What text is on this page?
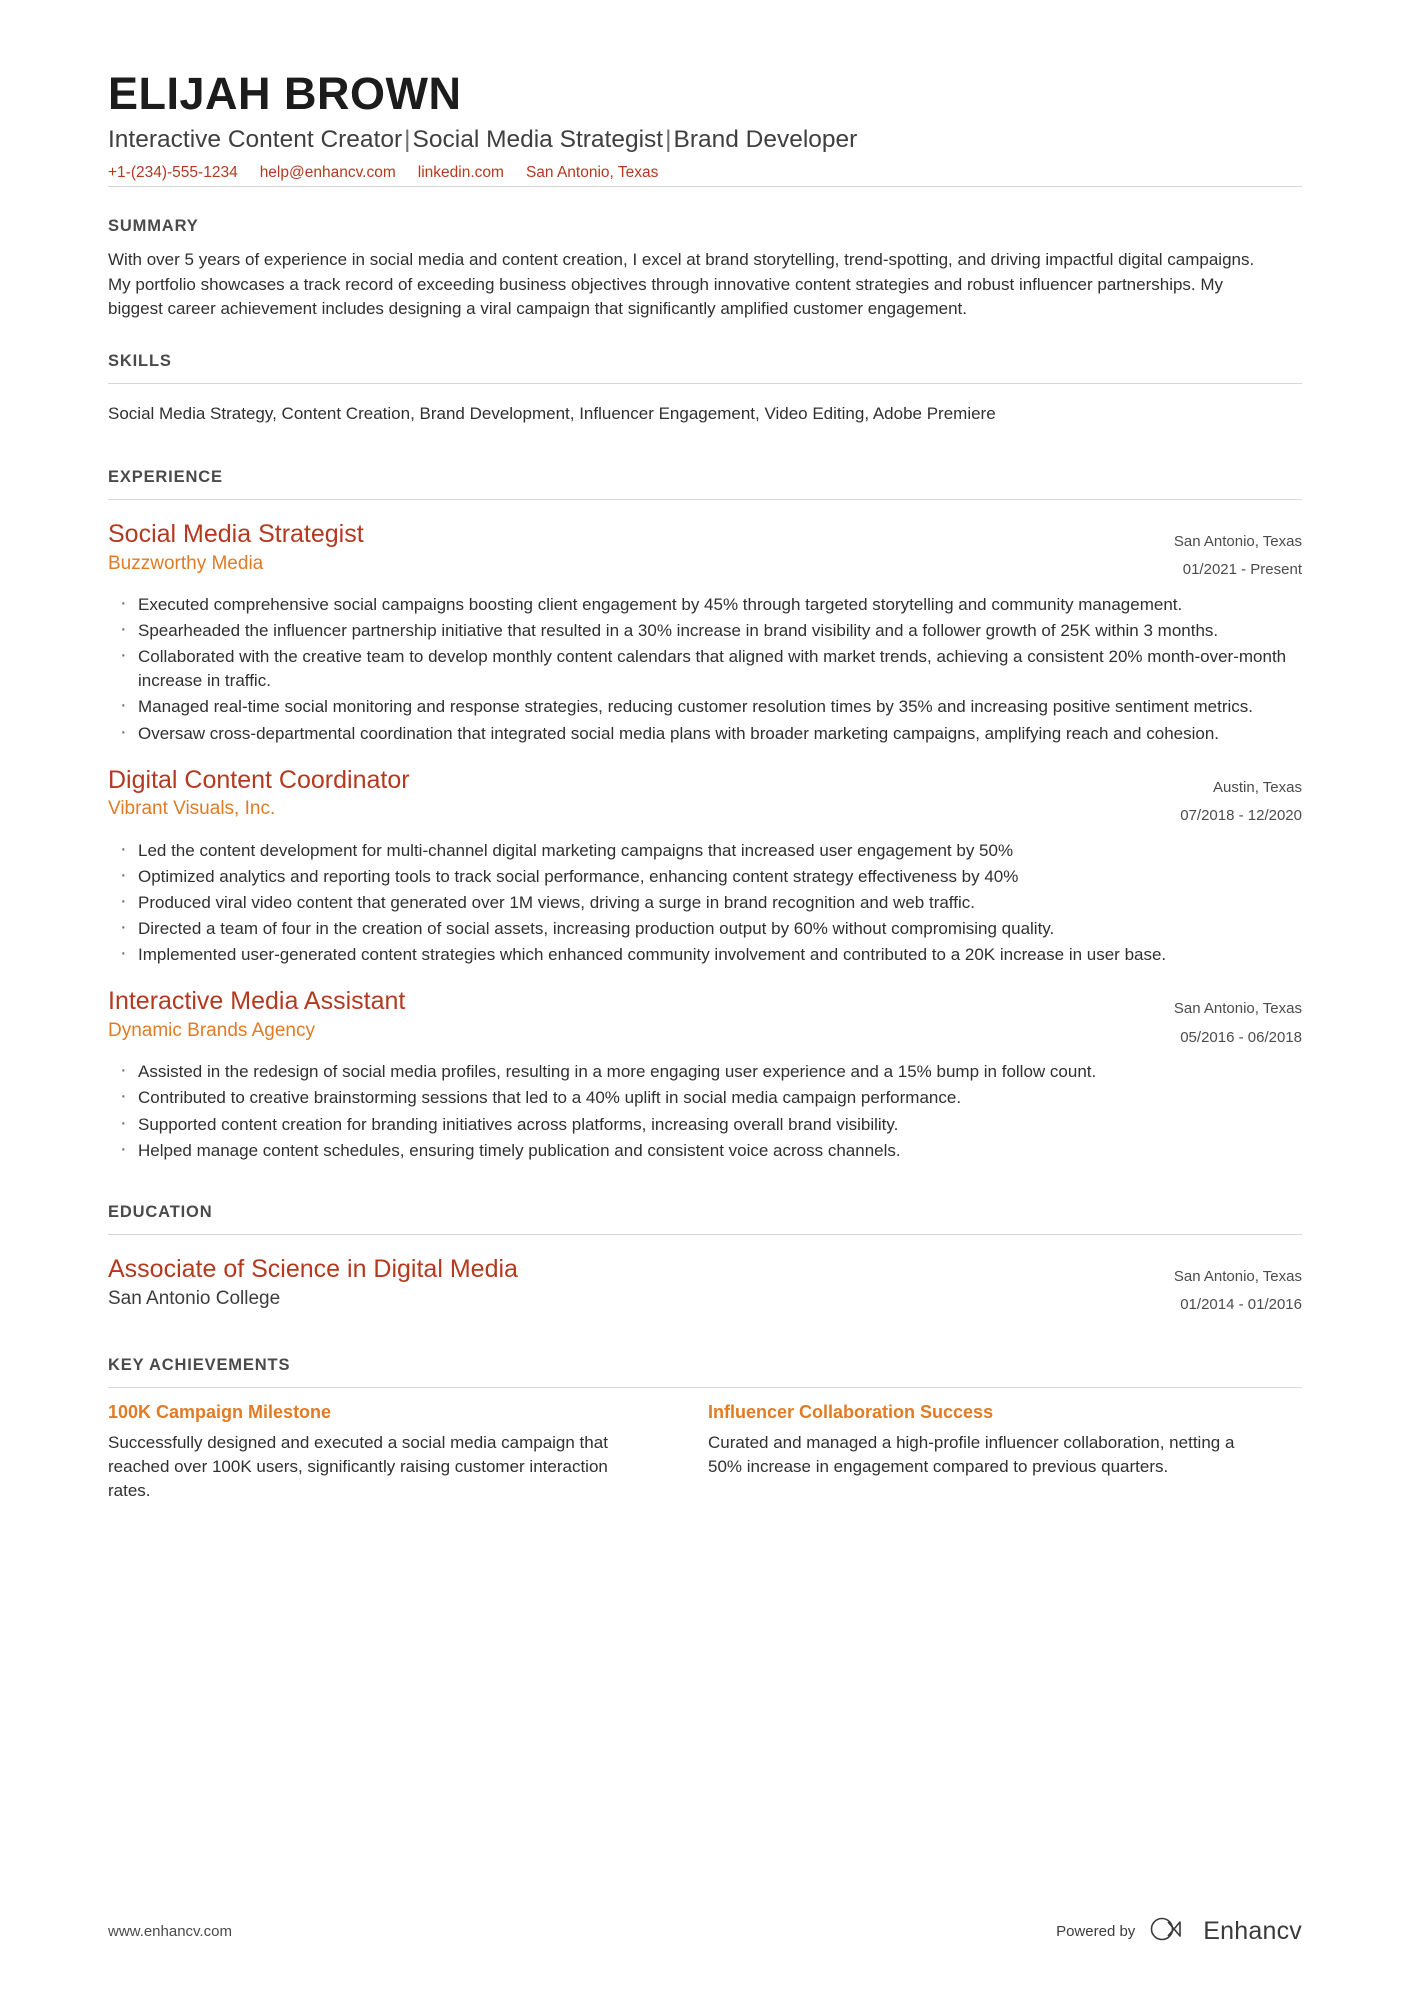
ELIJAH BROWN
Interactive Content Creator|Social Media Strategist|Brand Developer
+1-(234)-555-1234 help@enhancv.com linkedin.com San Antonio, Texas
SUMMARY

With over 5 years of experience in social media and content creation, I excel at brand storytelling, trend-spotting, and driving impactful digital campaigns. My portfolio showcases a track record of exceeding business objectives through innovative content strategies and robust influencer partnerships. My biggest career achievement includes designing a viral campaign that significantly amplified customer engagement.

SKILLS

Social Media Strategy, Content Creation, Brand Development, Influencer Engagement, Video Editing, Adobe Premiere

EXPERIENCE
Social Media Strategist
Buzzworthy Media
San Antonio, Texas
01/2021 - Present
· Executed comprehensive social campaigns boosting client engagement by 45% through targeted storytelling and community management.
· Spearheaded the influencer partnership initiative that resulted in a 30% increase in brand visibility and a follower growth of 25K within 3 months.
· Collaborated with the creative team to develop monthly content calendars that aligned with market trends, achieving a consistent 20% month-over-month increase in traffic.
· Managed real-time social monitoring and response strategies, reducing customer resolution times by 35% and increasing positive sentiment metrics.
· Oversaw cross-departmental coordination that integrated social media plans with broader marketing campaigns, amplifying reach and cohesion.
Digital Content Coordinator
Vibrant Visuals, Inc.
Austin, Texas
07/2018 - 12/2020
· Led the content development for multi-channel digital marketing campaigns that increased user engagement by 50%
· Optimized analytics and reporting tools to track social performance, enhancing content strategy effectiveness by 40%
· Produced viral video content that generated over 1M views, driving a surge in brand recognition and web traffic.
· Directed a team of four in the creation of social assets, increasing production output by 60% without compromising quality.
· Implemented user-generated content strategies which enhanced community involvement and contributed to a 20K increase in user base.
Interactive Media Assistant
Dynamic Brands Agency
San Antonio, Texas
05/2016 - 06/2018
· Assisted in the redesign of social media profiles, resulting in a more engaging user experience and a 15% bump in follow count.
· Contributed to creative brainstorming sessions that led to a 40% uplift in social media campaign performance.
· Supported content creation for branding initiatives across platforms, increasing overall brand visibility.
· Helped manage content schedules, ensuring timely publication and consistent voice across channels.
EDUCATION
Associate of Science in Digital Media
San Antonio College
San Antonio, Texas
01/2014 - 01/2016
KEY ACHIEVEMENTS
100K Campaign Milestone

Successfully designed and executed a social media campaign that reached over 100K users, significantly raising customer interaction rates.

Influencer Collaboration Success

Curated and managed a high-profile influencer collaboration, netting a 50% increase in engagement compared to previous quarters.

www.enhancv.com	Powered by	Enhancv
